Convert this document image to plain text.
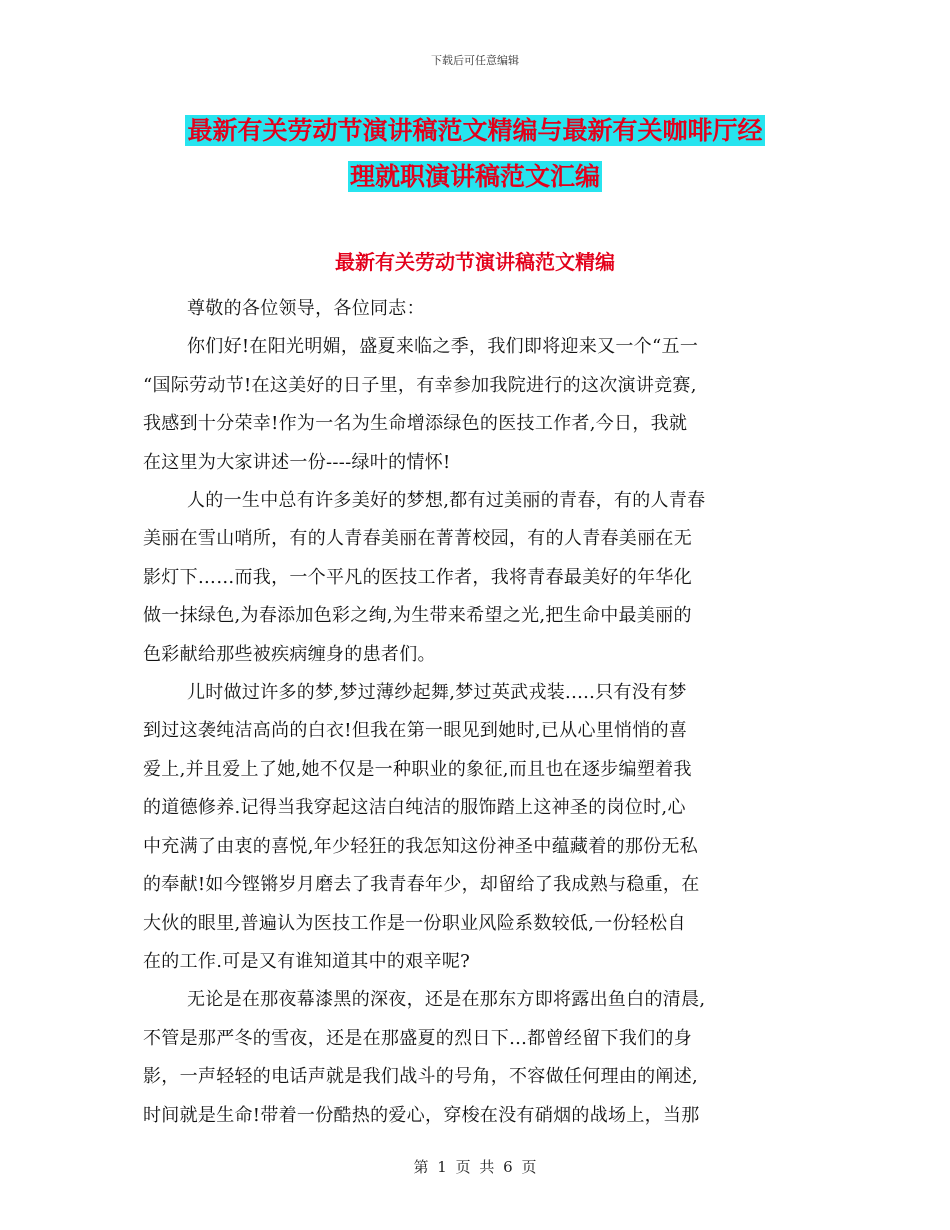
下载后可任意编辑
最新有关劳动节演讲稿范文精编与最新有关咖啡厅经
理就职演讲稿范文汇编
最新有关劳动节演讲稿范文精编

尊敬的各位领导，各位同志：

你们好!在阳光明媚，盛夏来临之季，我们即将迎来又一个“五一

“国际劳动节!在这美好的日子里，有幸参加我院进行的这次演讲竞赛,

我感到十分荣幸!作为一名为生命增添绿色的医技工作者,今日，我就

在这里为大家讲述一份----绿叶的情怀!

人的一生中总有许多美好的梦想,都有过美丽的青春，有的人青春

美丽在雪山哨所，有的人青春美丽在菁菁校园，有的人青春美丽在无

影灯下……而我，一个平凡的医技工作者，我将青春最美好的年华化

做一抹绿色,为春添加色彩之绚,为生带来希望之光,把生命中最美丽的

色彩献给那些被疾病缠身的患者们。

儿时做过许多的梦,梦过薄纱起舞,梦过英武戎装.....只有没有梦

到过这袭纯洁高尚的白衣!但我在第一眼见到她时,已从心里悄悄的喜

爱上,并且爱上了她,她不仅是一种职业的象征,而且也在逐步编塑着我

的道德修养.记得当我穿起这洁白纯洁的服饰踏上这神圣的岗位时,心

中充满了由衷的喜悦,年少轻狂的我怎知这份神圣中蕴藏着的那份无私

的奉献!如今铿锵岁月磨去了我青春年少，却留给了我成熟与稳重，在

大伙的眼里,普遍认为医技工作是一份职业风险系数较低,一份轻松自

在的工作.可是又有谁知道其中的艰辛呢?

无论是在那夜幕漆黑的深夜，还是在那东方即将露出鱼白的清晨,

不管是那严冬的雪夜，还是在那盛夏的烈日下…都曾经留下我们的身

影，一声轻轻的电话声就是我们战斗的号角，不容做任何理由的阐述,

时间就是生命!带着一份酷热的爱心，穿梭在没有硝烟的战场上，当那

第 1 页 共 6 页
